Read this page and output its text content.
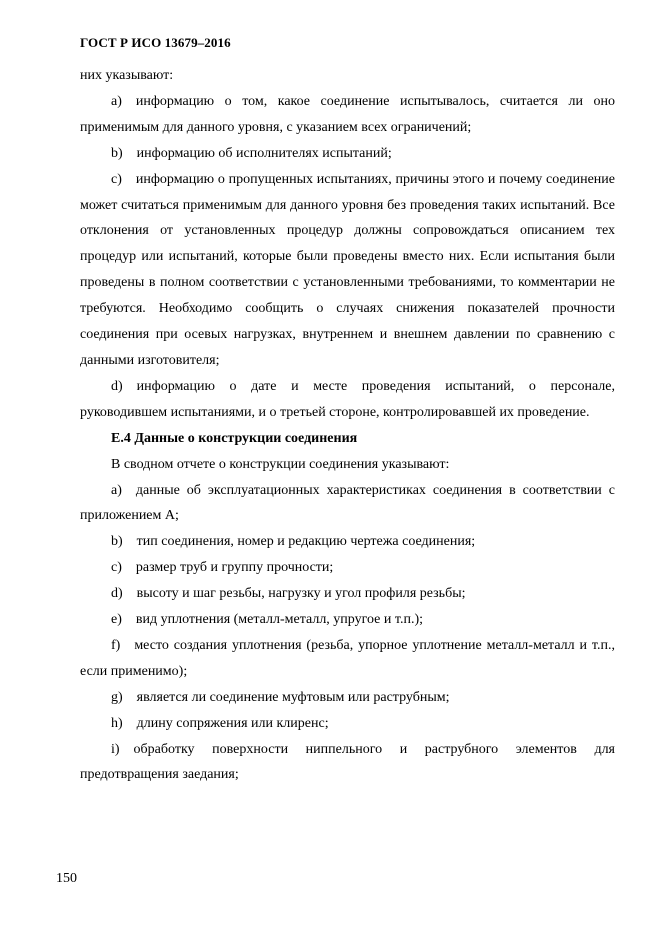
ГОСТ Р ИСО 13679–2016

них указывают:

a) информацию о том, какое соединение испытывалось, считается ли оно применимым для данного уровня, с указанием всех ограничений;

b) информацию об исполнителях испытаний;

c) информацию о пропущенных испытаниях, причины этого и почему соединение может считаться применимым для данного уровня без проведения таких испытаний. Все отклонения от установленных процедур должны сопровождаться описанием тех процедур или испытаний, которые были проведены вместо них. Если испытания были проведены в полном соответствии с установленными требованиями, то комментарии не требуются. Необходимо сообщить о случаях снижения показателей прочности соединения при осевых нагрузках, внутреннем и внешнем давлении по сравнению с данными изготовителя;

d) информацию о дате и месте проведения испытаний, о персонале, руководившем испытаниями, и о третьей стороне, контролировавшей их проведение.

Е.4 Данные о конструкции соединения

В сводном отчете о конструкции соединения указывают:

a) данные об эксплуатационных характеристиках соединения в соответствии с приложением А;

b) тип соединения, номер и редакцию чертежа соединения;

c) размер труб и группу прочности;

d) высоту и шаг резьбы, нагрузку и угол профиля резьбы;

e) вид уплотнения (металл-металл, упругое и т.п.);

f) место создания уплотнения (резьба, упорное уплотнение металл-металл и т.п., если применимо);

g) является ли соединение муфтовым или раструбным;

h) длину сопряжения или клиренс;

i) обработку поверхности ниппельного и раструбного элементов для предотвращения заедания;

150
